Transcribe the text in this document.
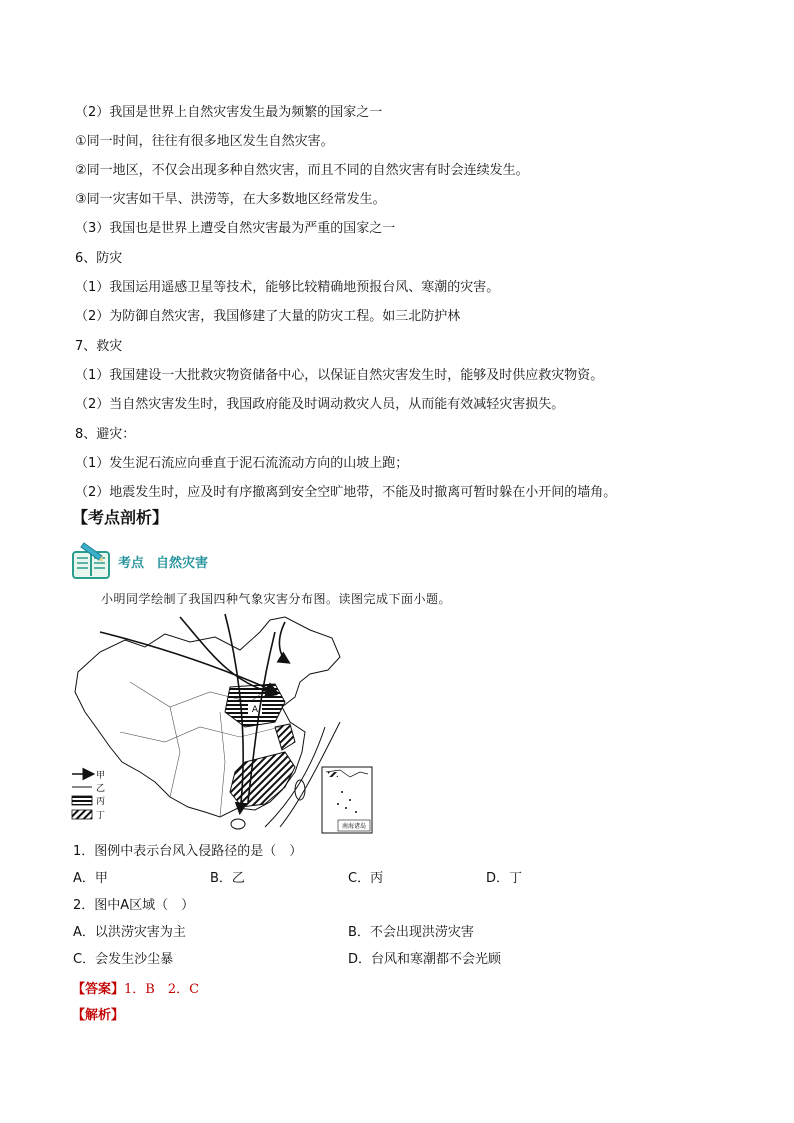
（2）我国是世界上自然灾害发生最为频繁的国家之一
①同一时间，往往有很多地区发生自然灾害。
②同一地区，不仅会出现多种自然灾害，而且不同的自然灾害有时会连续发生。
③同一灾害如干旱、洪涝等，在大多数地区经常发生。
（3）我国也是世界上遭受自然灾害最为严重的国家之一
6、防灾
（1）我国运用遥感卫星等技术，能够比较精确地预报台风、寒潮的灾害。
（2）为防御自然灾害，我国修建了大量的防灾工程。如三北防护林
7、救灾
（1）我国建设一大批救灾物资储备中心，以保证自然灾害发生时，能够及时供应救灾物资。
（2）当自然灾害发生时，我国政府能及时调动救灾人员，从而能有效减轻灾害损失。
8、避灾：
（1）发生泥石流应向垂直于泥石流流动方向的山坡上跑；
（2）地震发生时，应及时有序撤离到安全空旷地带，不能及时撤离可暂时躲在小开间的墙角。
【考点剖析】
考点 自然灾害
小明同学绘制了我国四种气象灾害分布图。读图完成下面小题。
A
甲
乙
丙
丁
南海诸岛
1．图例中表示台风入侵路径的是（　）
A．甲	B．乙	C．丙	D．丁
2．图中A区域（　）
A．以洪涝灾害为主	B．不会出现洪涝灾害
C．会发生沙尘暴	D．台风和寒潮都不会光顾
【答案】1．B　2．C
【解析】
